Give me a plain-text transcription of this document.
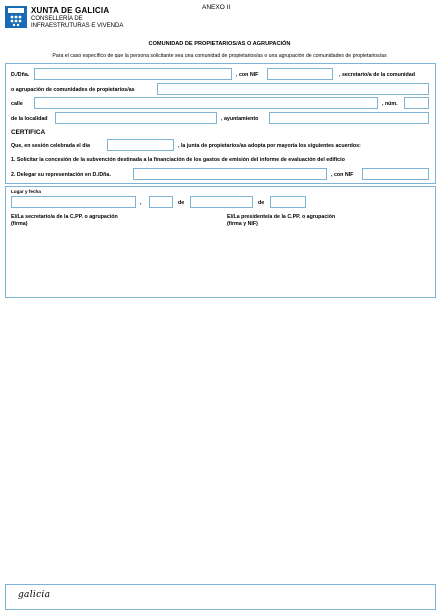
XUNTA DE GALICIA
CONSELLERÍA DE
INFRAESTRUTURAS E VIVENDA
ANEXO II
COMUNIDAD DE PROPIETARIOS/AS O AGRUPACIÓN
Para el caso específico de que la persona solicitante sea una comunidad de propietarios/as o una agrupación de comunidades de propietarios/as
D./Dña.	, con NIF	, secretario/a de la comunidad
o agrupación de comunidades de propietarios/as
calle	, núm.
de la localidad	, ayuntamiento
CERTIFICA
Que, en sesión celebrada el día	, la junta de propietarios/as adopta por mayoría los siguientes acuerdos:
1. Solicitar la concesión de la subvención destinada a la financiación de los gastos de emisión del informe de evaluación del edificio
2. Delegar su representación en D./Dña.	, con NIF
Lugar y fecha
,	de	de
El/La secretario/a de la C.PP. o agrupación
(firma)
El/La presidente/a de la C.PP. o agrupación
(firma y NIF)
galicia
